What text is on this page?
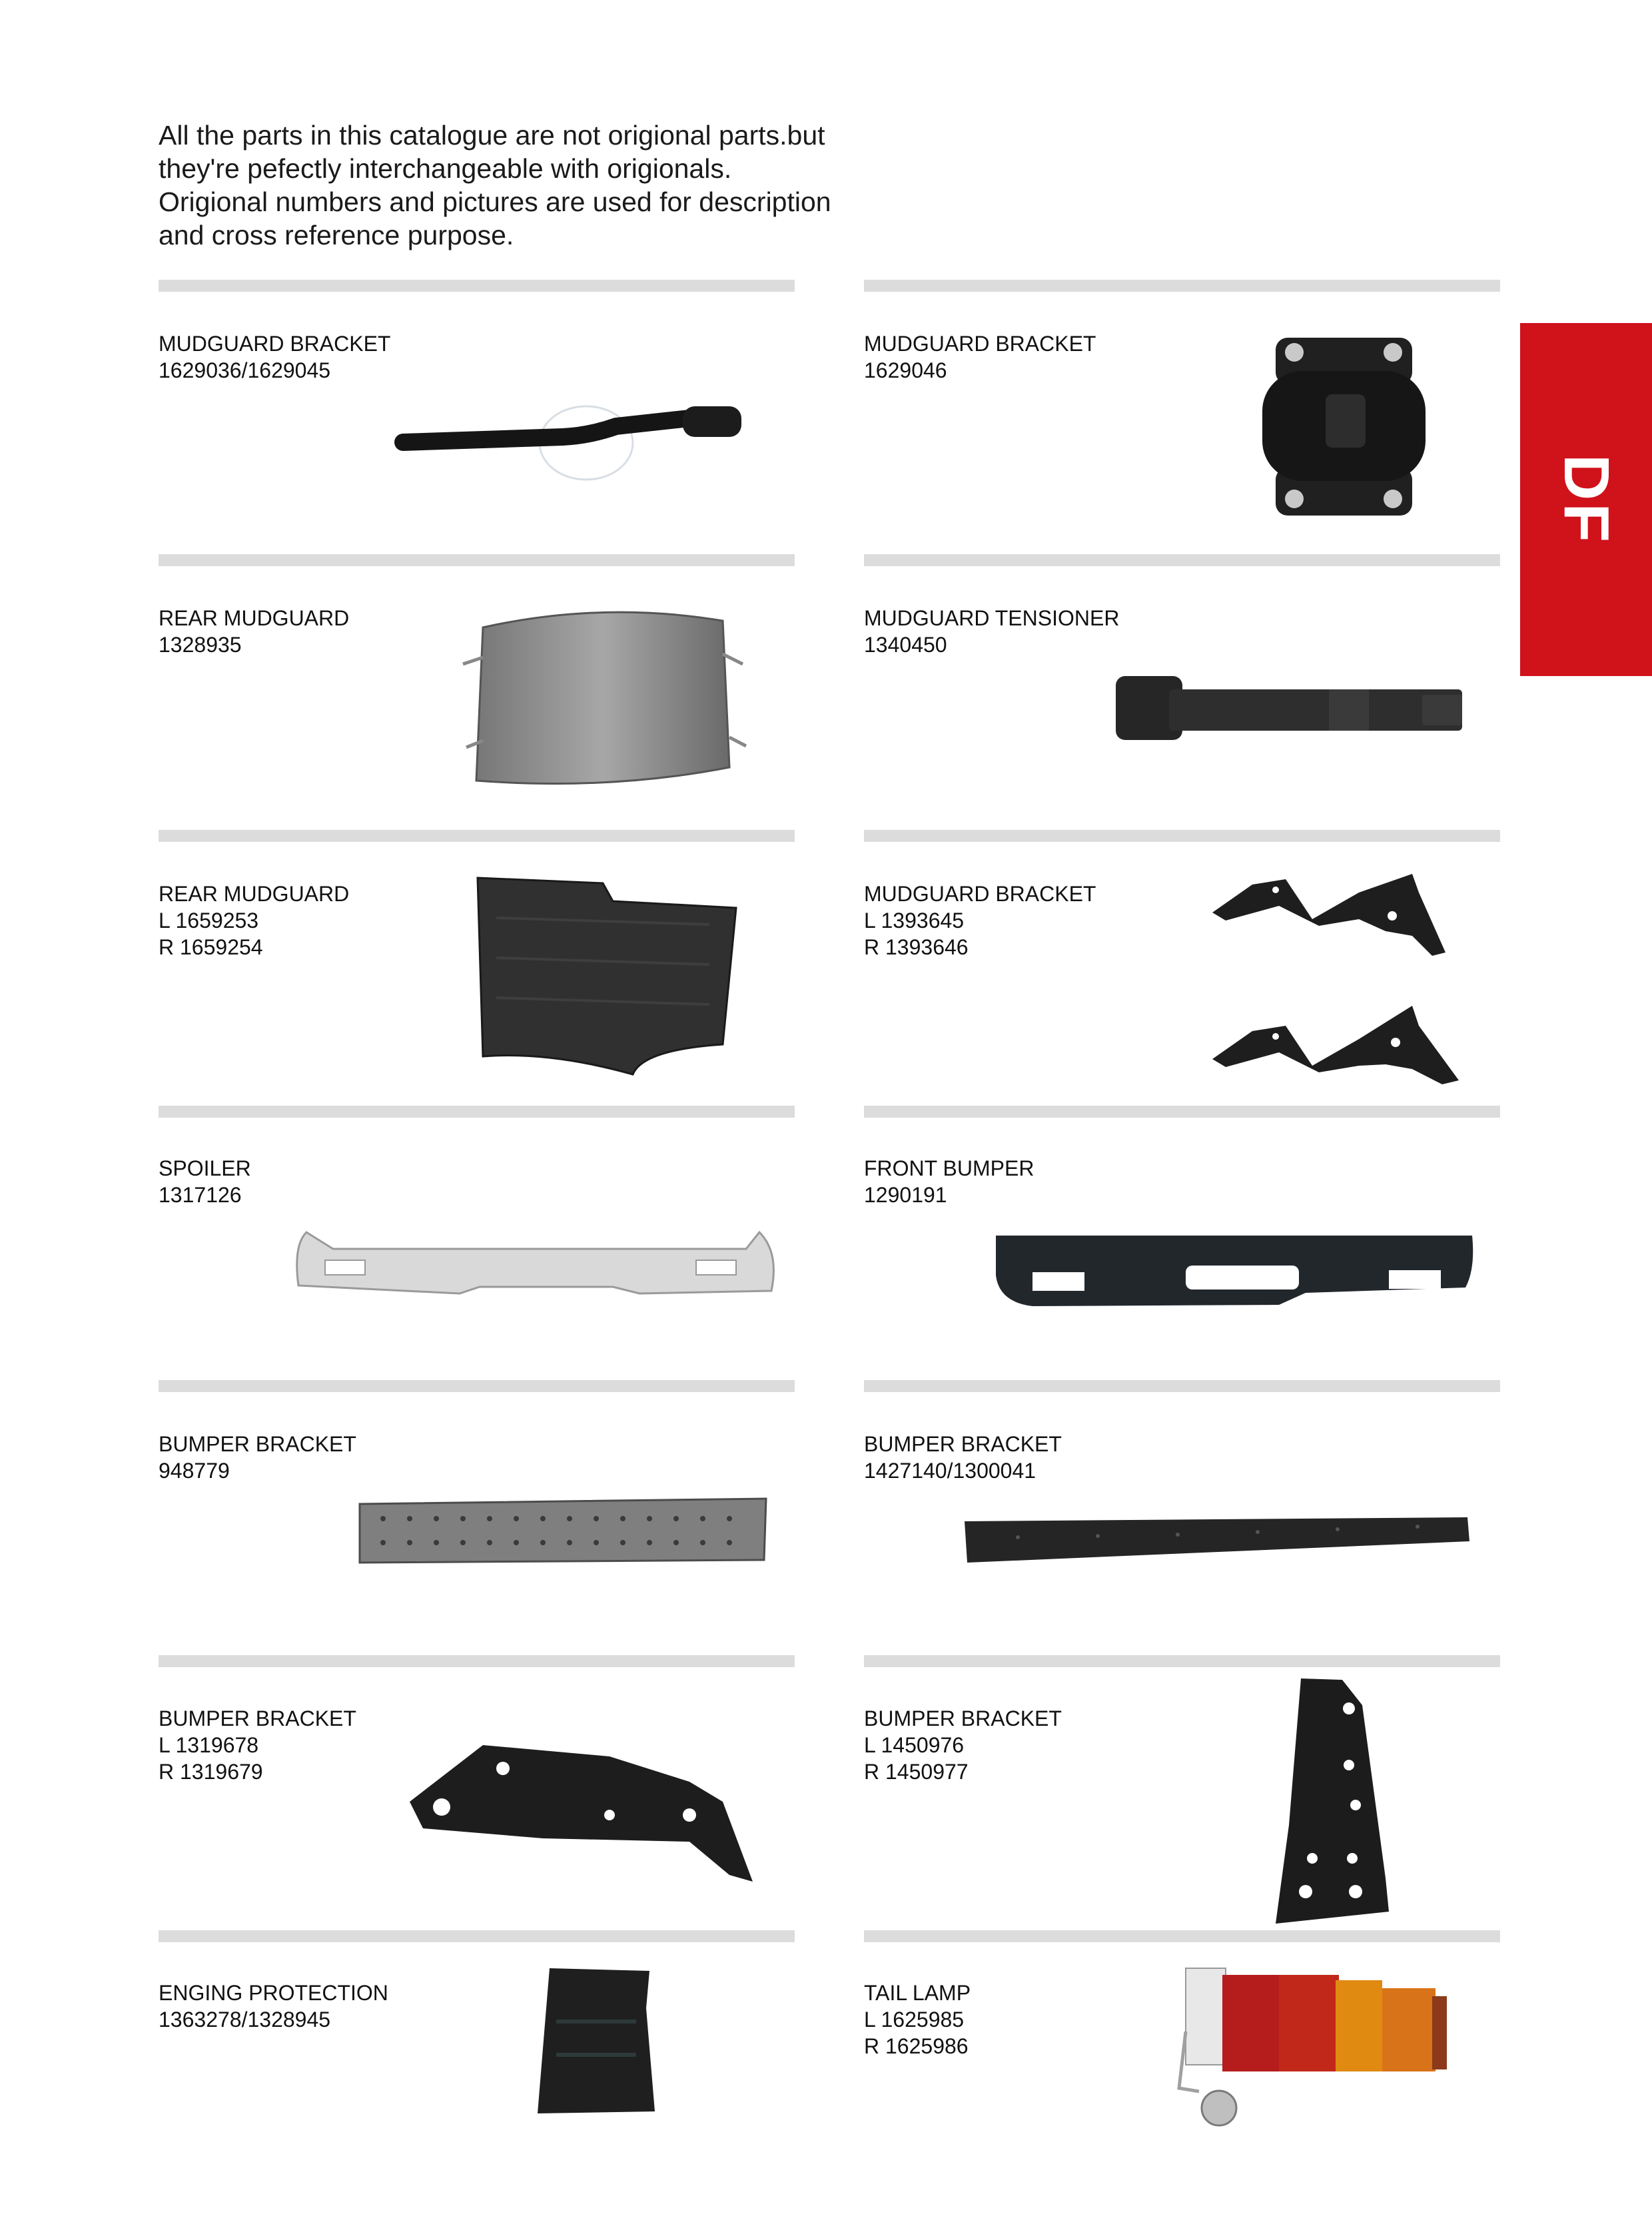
All the parts in this catalogue are not origional parts.but
they're pefectly interchangeable with origionals.
Origional numbers and pictures are used for description
and cross reference purpose.
DF
MUDGUARD BRACKET
1629036/1629045
MUDGUARD BRACKET
1629046
REAR MUDGUARD
1328935
MUDGUARD TENSIONER
1340450
REAR MUDGUARD
L 1659253
R 1659254
MUDGUARD BRACKET
L 1393645
R 1393646
SPOILER
1317126
FRONT BUMPER
1290191
BUMPER BRACKET
948779
BUMPER BRACKET
1427140/1300041
BUMPER BRACKET
L 1319678
R 1319679
BUMPER BRACKET
L 1450976
R 1450977
ENGING PROTECTION
1363278/1328945
TAIL LAMP
L 1625985
R 1625986
